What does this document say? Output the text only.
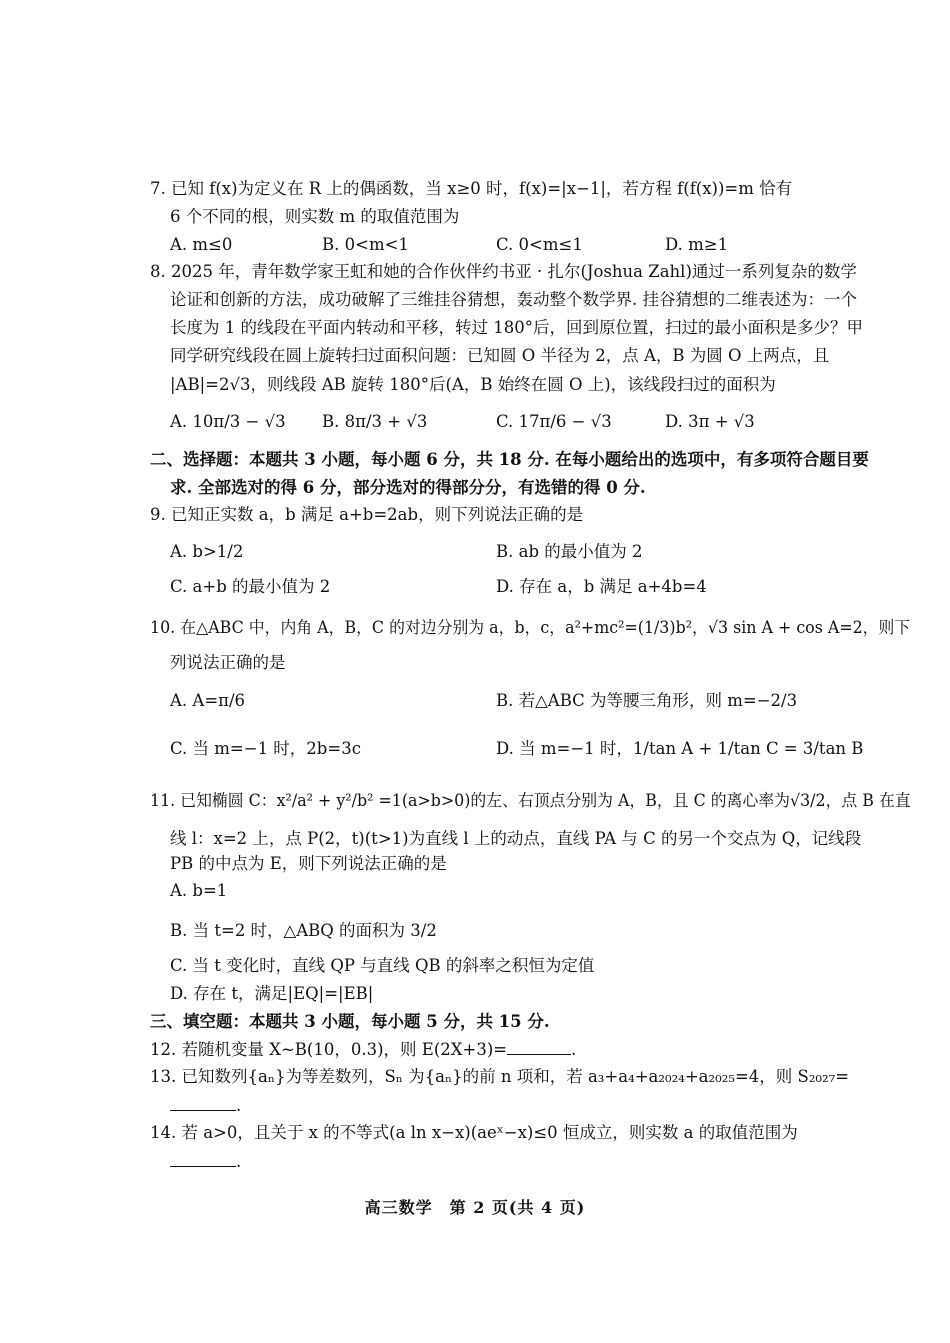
7. 已知 f(x)为定义在 R 上的偶函数，当 x≥0 时，f(x)=|x−1|，若方程 f(f(x))=m 恰有
6 个不同的根，则实数 m 的取值范围为
A. m≤0	B. 0<m<1	C. 0<m≤1	D. m≥1
8. 2025 年，青年数学家王虹和她的合作伙伴约书亚 · 扎尔(Joshua Zahl)通过一系列复杂的数学
论证和创新的方法，成功破解了三维挂谷猜想，轰动整个数学界. 挂谷猜想的二维表述为：一个
长度为 1 的线段在平面内转动和平移，转过 180°后，回到原位置，扫过的最小面积是多少？甲
同学研究线段在圆上旋转扫过面积问题：已知圆 O 半径为 2，点 A，B 为圆 O 上两点，且
|AB|=2√3，则线段 AB 旋转 180°后(A，B 始终在圆 O 上)，该线段扫过的面积为
A. 10π/3 − √3 B. 8π/3 + √3	C. 17π/6 − √3	D. 3π + √3
二、选择题：本题共 3 小题，每小题 6 分，共 18 分. 在每小题给出的选项中，有多项符合题目要
求. 全部选对的得 6 分，部分选对的得部分分，有选错的得 0 分.
9. 已知正实数 a，b 满足 a+b=2ab，则下列说法正确的是
A. b>1/2	B. ab 的最小值为 2
C. a+b 的最小值为 2	D. 存在 a，b 满足 a+4b=4
10. 在△ABC 中，内角 A，B，C 的对边分别为 a，b，c，a²+mc²=(1/3)b²，√3 sin A + cos A=2，则下
列说法正确的是
A. A=π/6	B. 若△ABC 为等腰三角形，则 m=−2/3
C. 当 m=−1 时，2b=3c	D. 当 m=−1 时，1/tan A + 1/tan C = 3/tan B
11. 已知椭圆 C：x²/a² + y²/b² =1(a>b>0)的左、右顶点分别为 A，B，且 C 的离心率为√3/2，点 B 在直
线 l：x=2 上，点 P(2，t)(t>1)为直线 l 上的动点，直线 PA 与 C 的另一个交点为 Q，记线段
PB 的中点为 E，则下列说法正确的是
A. b=1
B. 当 t=2 时，△ABQ 的面积为 3/2
C. 当 t 变化时，直线 QP 与直线 QB 的斜率之积恒为定值
D. 存在 t，满足|EQ|=|EB|
三、填空题：本题共 3 小题，每小题 5 分，共 15 分.
12. 若随机变量 X~B(10，0.3)，则 E(2X+3)=	.
13. 已知数列{aₙ}为等差数列，Sₙ 为{aₙ}的前 n 项和，若 a₃+a₄+a₂₀₂₄+a₂₀₂₅=4，则 S₂₀₂₇=
.
14. 若 a>0，且关于 x 的不等式(a ln x−x)(aeˣ−x)≤0 恒成立，则实数 a 的取值范围为
.
高三数学　第 2 页(共 4 页)
